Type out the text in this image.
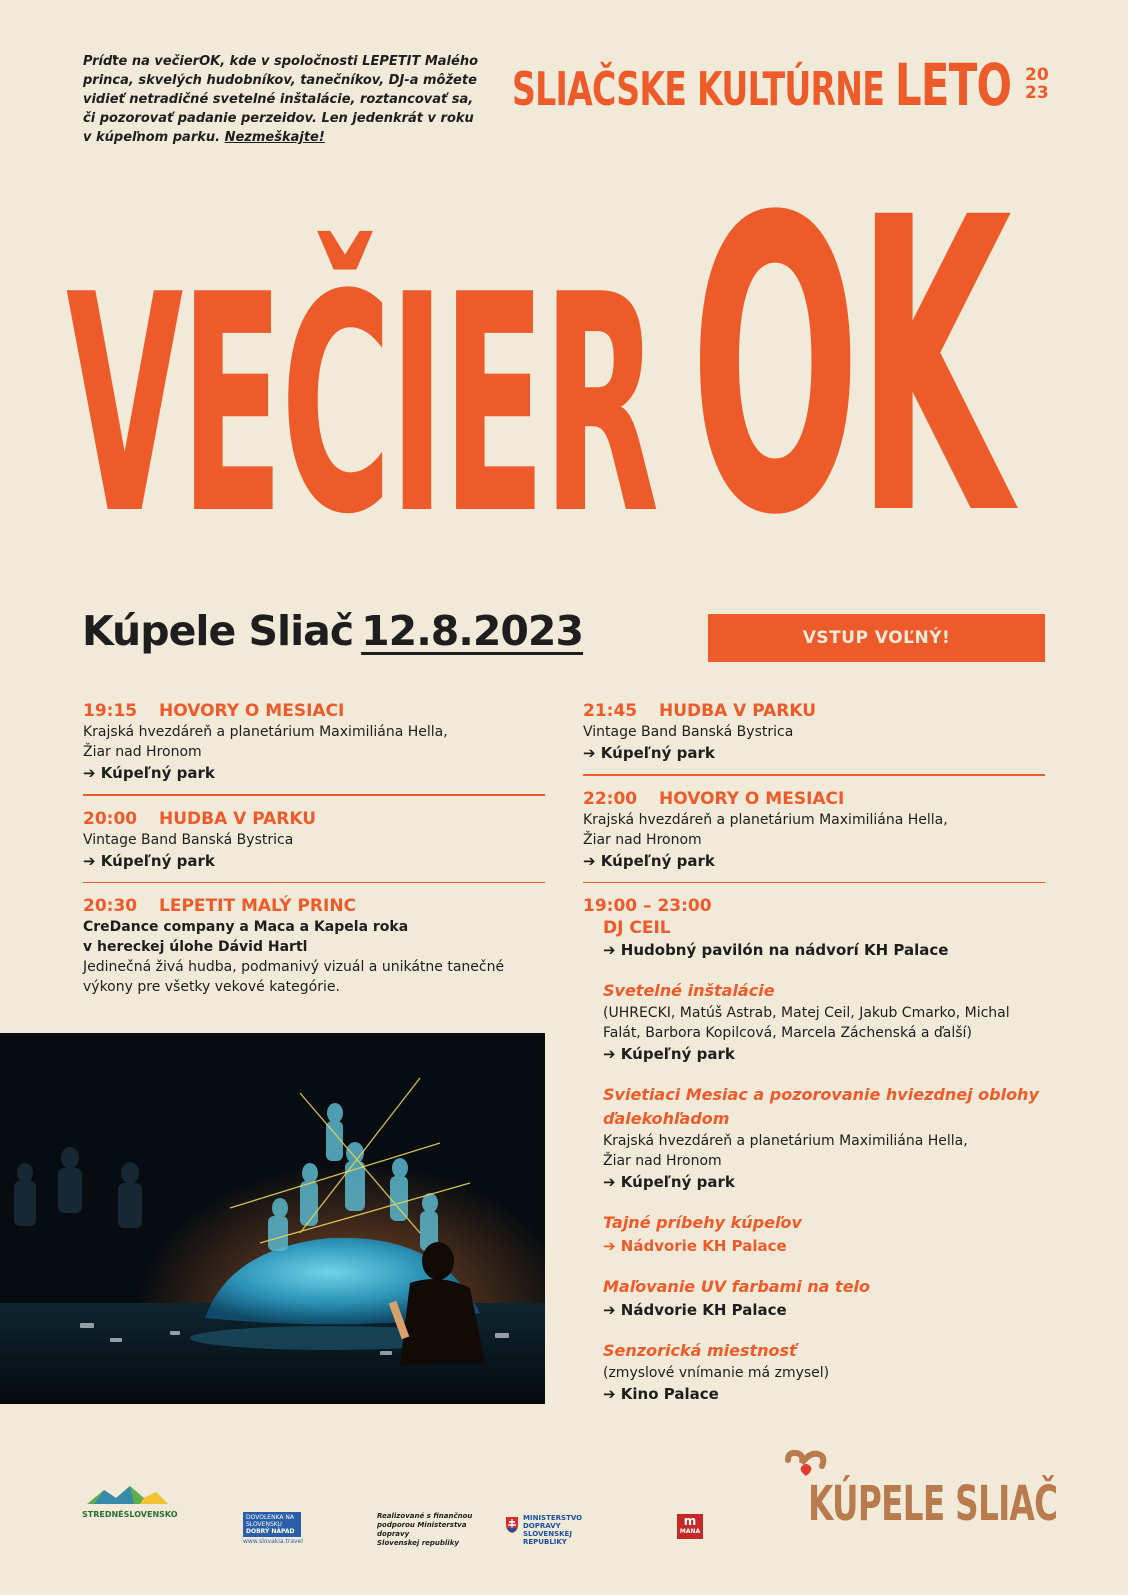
Príďte na večierOK, kde v spoločnosti LEPETIT Malého princa, skvelých hudobníkov, tanečníkov, DJ-a môžete vidieť netradičné svetelné inštalácie, roztancovať sa, či pozorovať padanie perzeidov. Len jedenkrát v roku v kúpeľnom parku. Nezmeškajte!
SLIAČSKE KULTÚRNE LETO 20
23
VEČIER OK
Kúpele Sliač 12.8.2023	VSTUP VOĽNÝ!
19:15 HOVORY O MESIACI
Krajská hvezdáreň a planetárium Maximiliána Hella,
Žiar nad Hronom
➔ Kúpeľný park
20:00 HUDBA V PARKU
Vintage Band Banská Bystrica
➔ Kúpeľný park
20:30 LEPETIT MALÝ PRINC
CreDance company a Maca a Kapela roka
v hereckej úlohe Dávid Hartl
Jedinečná živá hudba, podmanivý vizuál a unikátne tanečné
výkony pre všetky vekové kategórie.
21:45 HUDBA V PARKU
Vintage Band Banská Bystrica
➔ Kúpeľný park
22:00 HOVORY O MESIACI
Krajská hvezdáreň a planetárium Maximiliána Hella,
Žiar nad Hronom
➔ Kúpeľný park
19:00 – 23:00
DJ CEIL
➔ Hudobný pavilón na nádvorí KH Palace
Svetelné inštalácie
(UHRECKI, Matúš Astrab, Matej Ceil, Jakub Cmarko, Michal
Falát, Barbora Kopilcová, Marcela Záchenská a ďalší)
➔ Kúpeľný park
Svietiaci Mesiac a pozorovanie hviezdnej oblohy
ďalekohľadom
Krajská hvezdáreň a planetárium Maximiliána Hella,
Žiar nad Hronom
➔ Kúpeľný park
Tajné príbehy kúpeľov
➔ Nádvorie KH Palace
Maľovanie UV farbami na telo
➔ Nádvorie KH Palace
Senzorická miestnosť
(zmyslové vnímanie má zmysel)
➔ Kino Palace
STREDNÉSLOVENSKO	DOVOLENKA NA
SLOVENSKU
DOBRÝ NÁPAD
www.slovakia.travel
Realizované s finančnou
podporou Ministerstva dopravy
Slovenskej republiky
MINISTERSTVO
DOPRAVY
SLOVENSKEJ REPUBLIKY
m
MANA KÚPELE SLIAČ
